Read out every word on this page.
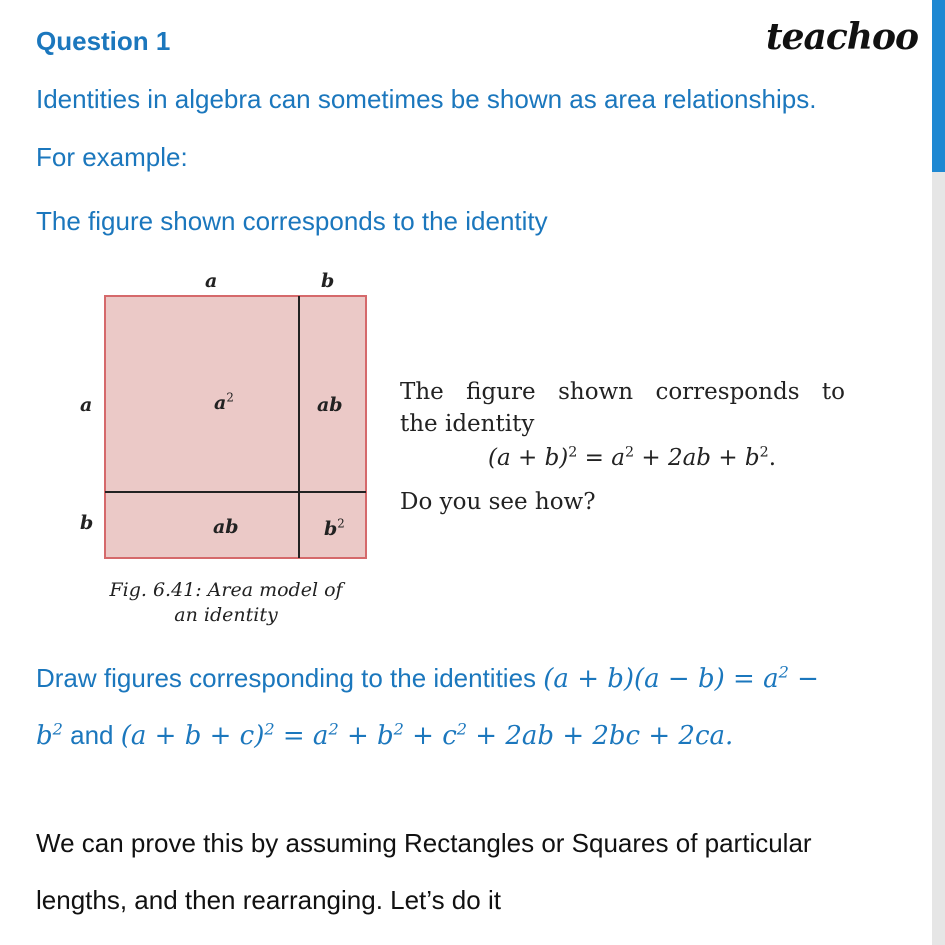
Question 1	teachoo
Identities in algebra can sometimes be shown as area relationships.
For example:
The figure shown corresponds to the identity
a	b
a
b
$a^2$	ab
ab	$b^2$
Fig. 6.41: Area model of
an identity
The figure shown corresponds to
the identity
$(a + b)^2 = a^2 + 2ab + b^2$.
Do you see how?
Draw figures corresponding to the identities $(a + b)(a - b) = a^2$ −
$b^2$ and $(a + b + c)^2 = a^2 + b^2 + c^2 + 2ab + 2bc + 2ca$.
We can prove this by assuming Rectangles or Squares of particular
lengths, and then rearranging. Let’s do it
